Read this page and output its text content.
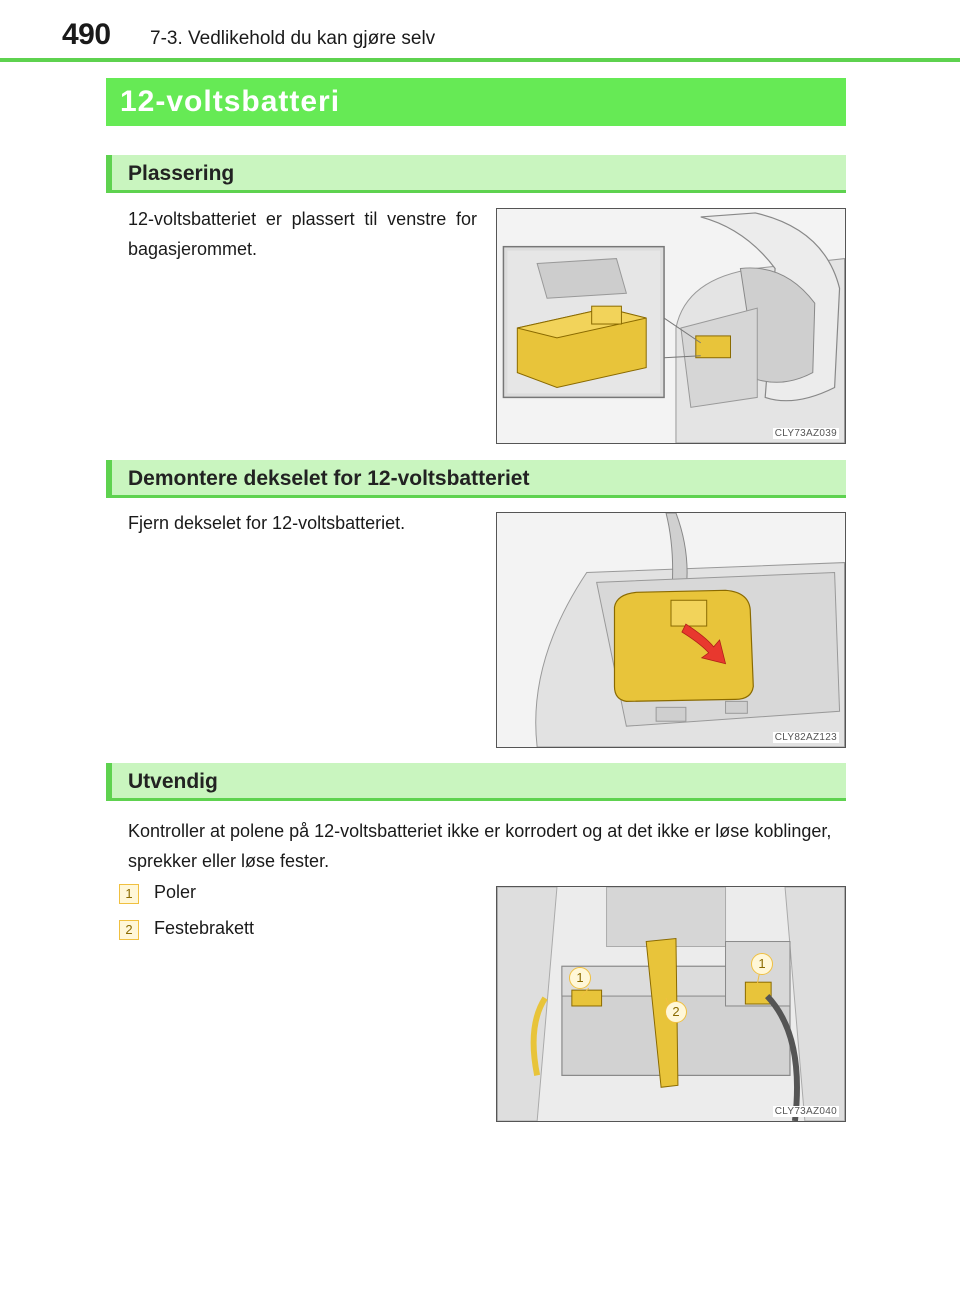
490 7-3. Vedlikehold du kan gjøre selv
12-voltsbatteri
Plassering
12-voltsbatteriet er plassert til venstre for bagasjerommet.
CLY73AZ039
Demontere dekselet for 12-voltsbatteriet
Fjern dekselet for 12-voltsbatteriet.
CLY82AZ123
Utvendig
Kontroller at polene på 12-voltsbatteriet ikke er korrodert og at det ikke er løse koblinger, sprekker eller løse fester.
1	Poler
2	Festebrakett
1
1
2
CLY73AZ040
